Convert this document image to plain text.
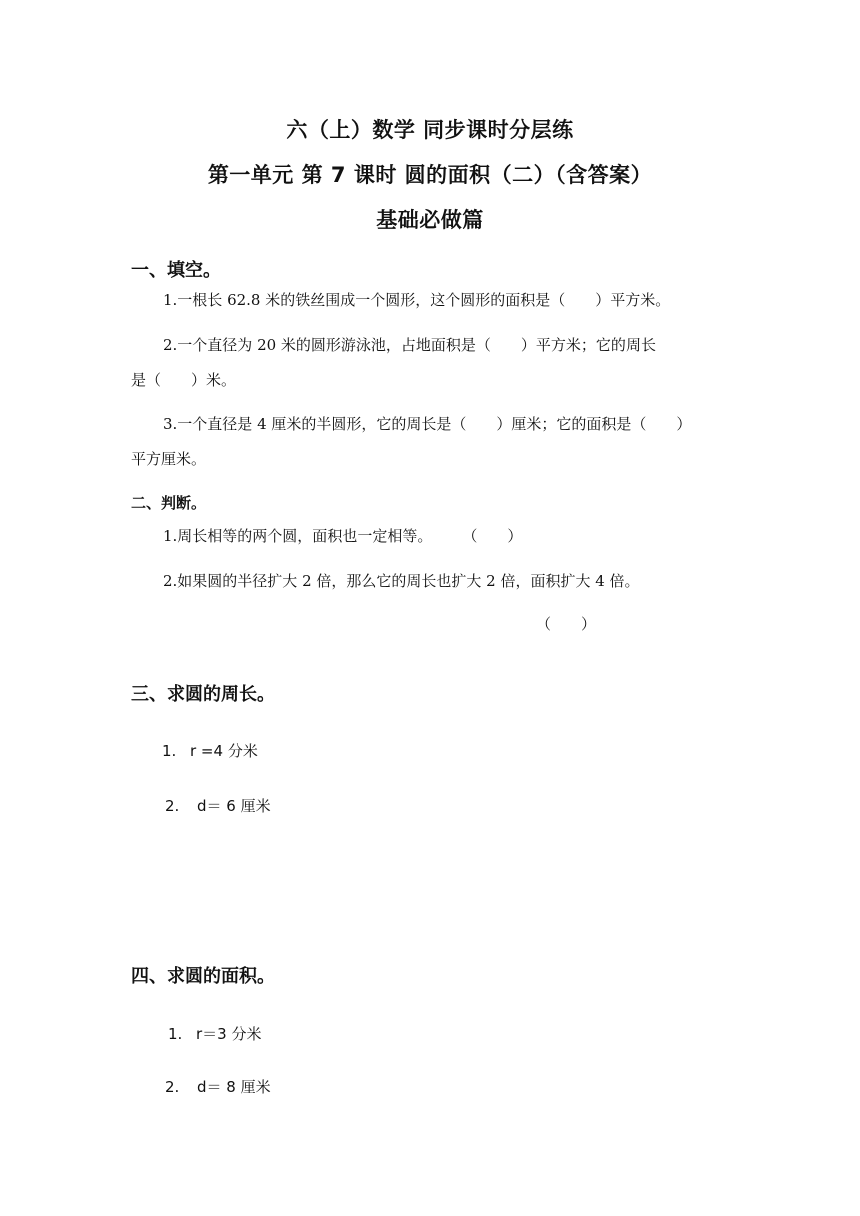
六（上）数学 同步课时分层练
第一单元 第 7 课时 圆的面积（二）（含答案）
基础必做篇
一、填空。
1.一根长 62.8 米的铁丝围成一个圆形，这个圆形的面积是（　　）平方米。
2.一个直径为 20 米的圆形游泳池，占地面积是（　　）平方米；它的周长
是（　　）米。
3.一个直径是 4 厘米的半圆形，它的周长是（　　）厘米；它的面积是（　　）
平方厘米。
二、判断。
1.周长相等的两个圆，面积也一定相等。　　　（　　）
2.如果圆的半径扩大 2 倍，那么它的周长也扩大 2 倍，面积扩大 4 倍。
（　　）
三、求圆的周长。
1. r =4 分米
2. d＝ 6 厘米
四、求圆的面积。
1. r＝3 分米
2. d＝ 8 厘米
